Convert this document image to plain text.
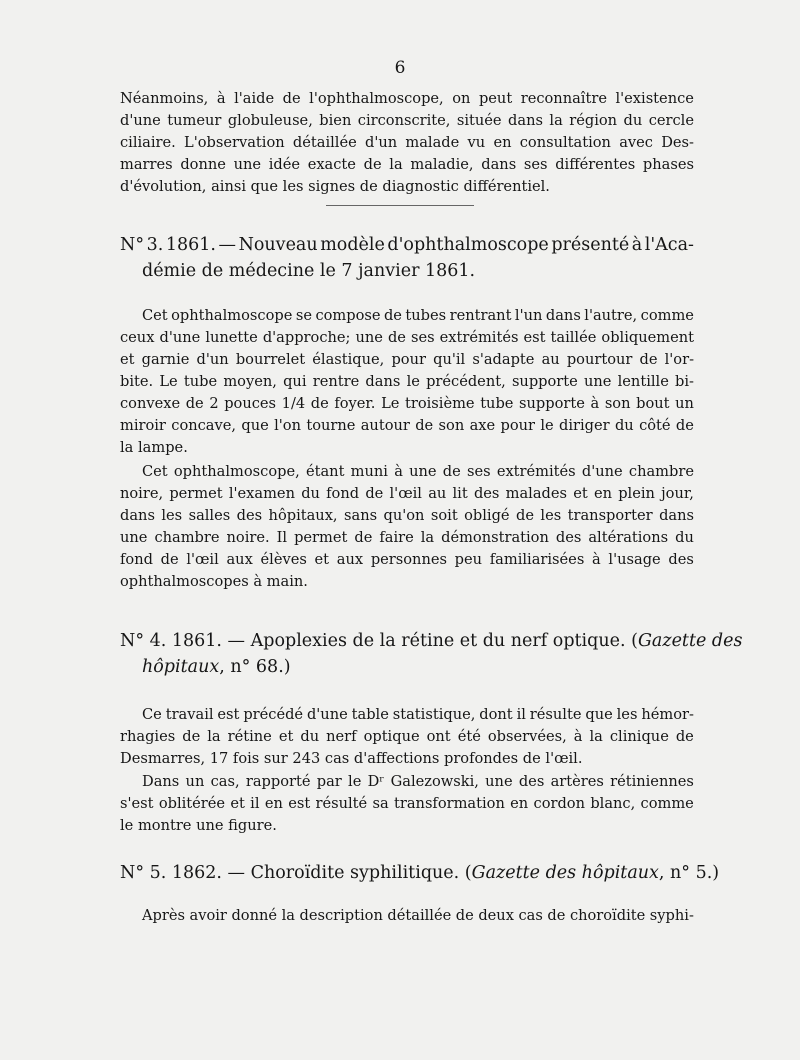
6
Néanmoins, à l'aide de l'ophthalmoscope, on peut reconnaître l'existence
d'une tumeur globuleuse, bien circonscrite, située dans la région du cercle
ciliaire. L'observation détaillée d'un malade vu en consultation avec Des-
marres donne une idée exacte de la maladie, dans ses différentes phases
d'évolution, ainsi que les signes de diagnostic différentiel.
N° 3. 1861. — Nouveau modèle d'ophthalmoscope présenté à l'Aca-
démie de médecine le 7 janvier 1861.
Cet ophthalmoscope se compose de tubes rentrant l'un dans l'autre, comme
ceux d'une lunette d'approche; une de ses extrémités est taillée obliquement
et garnie d'un bourrelet élastique, pour qu'il s'adapte au pourtour de l'or-
bite. Le tube moyen, qui rentre dans le précédent, supporte une lentille bi-
convexe de 2 pouces 1/4 de foyer. Le troisième tube supporte à son bout un
miroir concave, que l'on tourne autour de son axe pour le diriger du côté de
la lampe.
Cet ophthalmoscope, étant muni à une de ses extrémités d'une chambre
noire, permet l'examen du fond de l'œil au lit des malades et en plein jour,
dans les salles des hôpitaux, sans qu'on soit obligé de les transporter dans
une chambre noire. Il permet de faire la démonstration des altérations du
fond de l'œil aux élèves et aux personnes peu familiarisées à l'usage des
ophthalmoscopes à main.
N° 4. 1861. — Apoplexies de la rétine et du nerf optique. (Gazette des
hôpitaux, n° 68.)
Ce travail est précédé d'une table statistique, dont il résulte que les hémor-
rhagies de la rétine et du nerf optique ont été observées, à la clinique de
Desmarres, 17 fois sur 243 cas d'affections profondes de l'œil.
Dans un cas, rapporté par le Dʳ Galezowski, une des artères rétiniennes
s'est oblitérée et il en est résulté sa transformation en cordon blanc, comme
le montre une figure.
N° 5. 1862. — Choroïdite syphilitique. (Gazette des hôpitaux, n° 5.)
Après avoir donné la description détaillée de deux cas de choroïdite syphi-
